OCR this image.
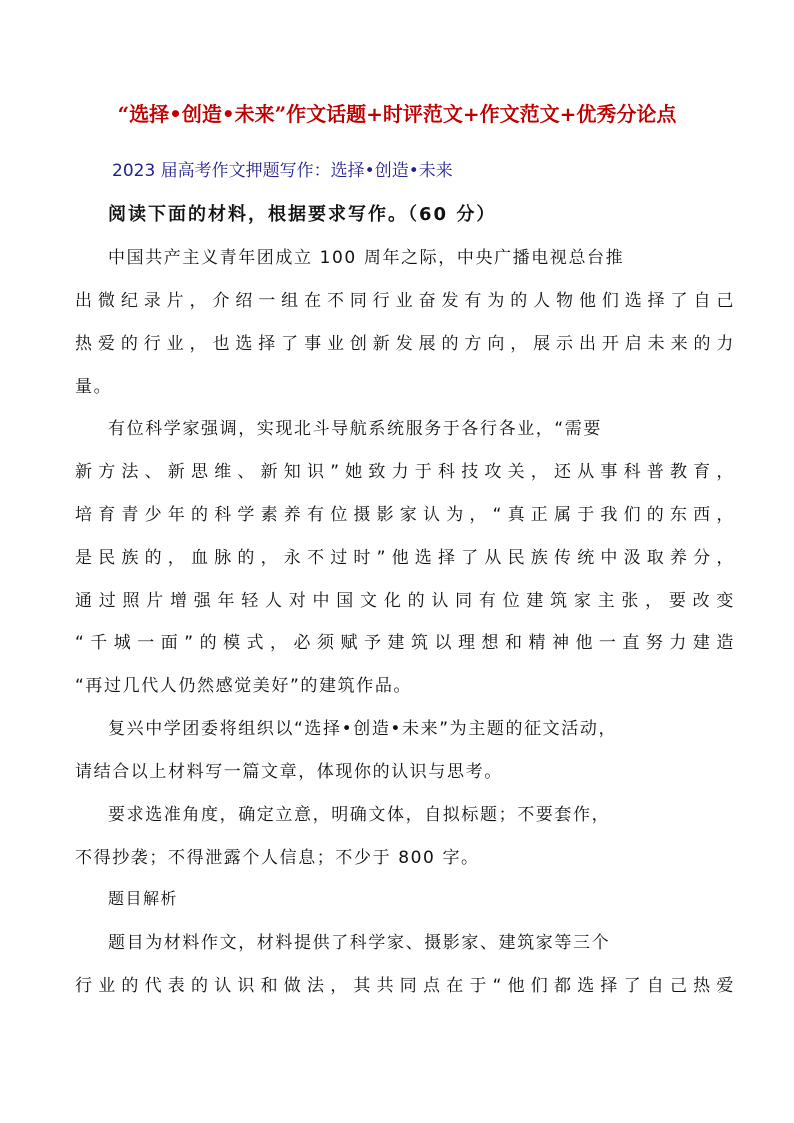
“选择•创造•未来”作文话题+时评范文+作文范文+优秀分论点
2023 届高考作文押题写作：选择•创造•未来
阅读下面的材料，根据要求写作。（60 分）
中国共产主义青年团成立 100 周年之际，中央广播电视总台推
出微纪录片，介绍一组在不同行业奋发有为的人物他们选择了自己
热爱的行业，也选择了事业创新发展的方向，展示出开启未来的力
量。
有位科学家强调，实现北斗导航系统服务于各行各业，“需要
新方法、新思维、新知识”她致力于科技攻关，还从事科普教育，
培育青少年的科学素养有位摄影家认为，“真正属于我们的东西，
是民族的，血脉的，永不过时”他选择了从民族传统中汲取养分，
通过照片增强年轻人对中国文化的认同有位建筑家主张，要改变
“千城一面”的模式，必须赋予建筑以理想和精神他一直努力建造
“再过几代人仍然感觉美好”的建筑作品。
复兴中学团委将组织以“选择•创造•未来”为主题的征文活动，
请结合以上材料写一篇文章，体现你的认识与思考。
要求选准角度，确定立意，明确文体，自拟标题；不要套作，
不得抄袭；不得泄露个人信息；不少于 800 字。
题目解析
题目为材料作文，材料提供了科学家、摄影家、建筑家等三个
行业的代表的认识和做法，其共同点在于“他们都选择了自己热爱
